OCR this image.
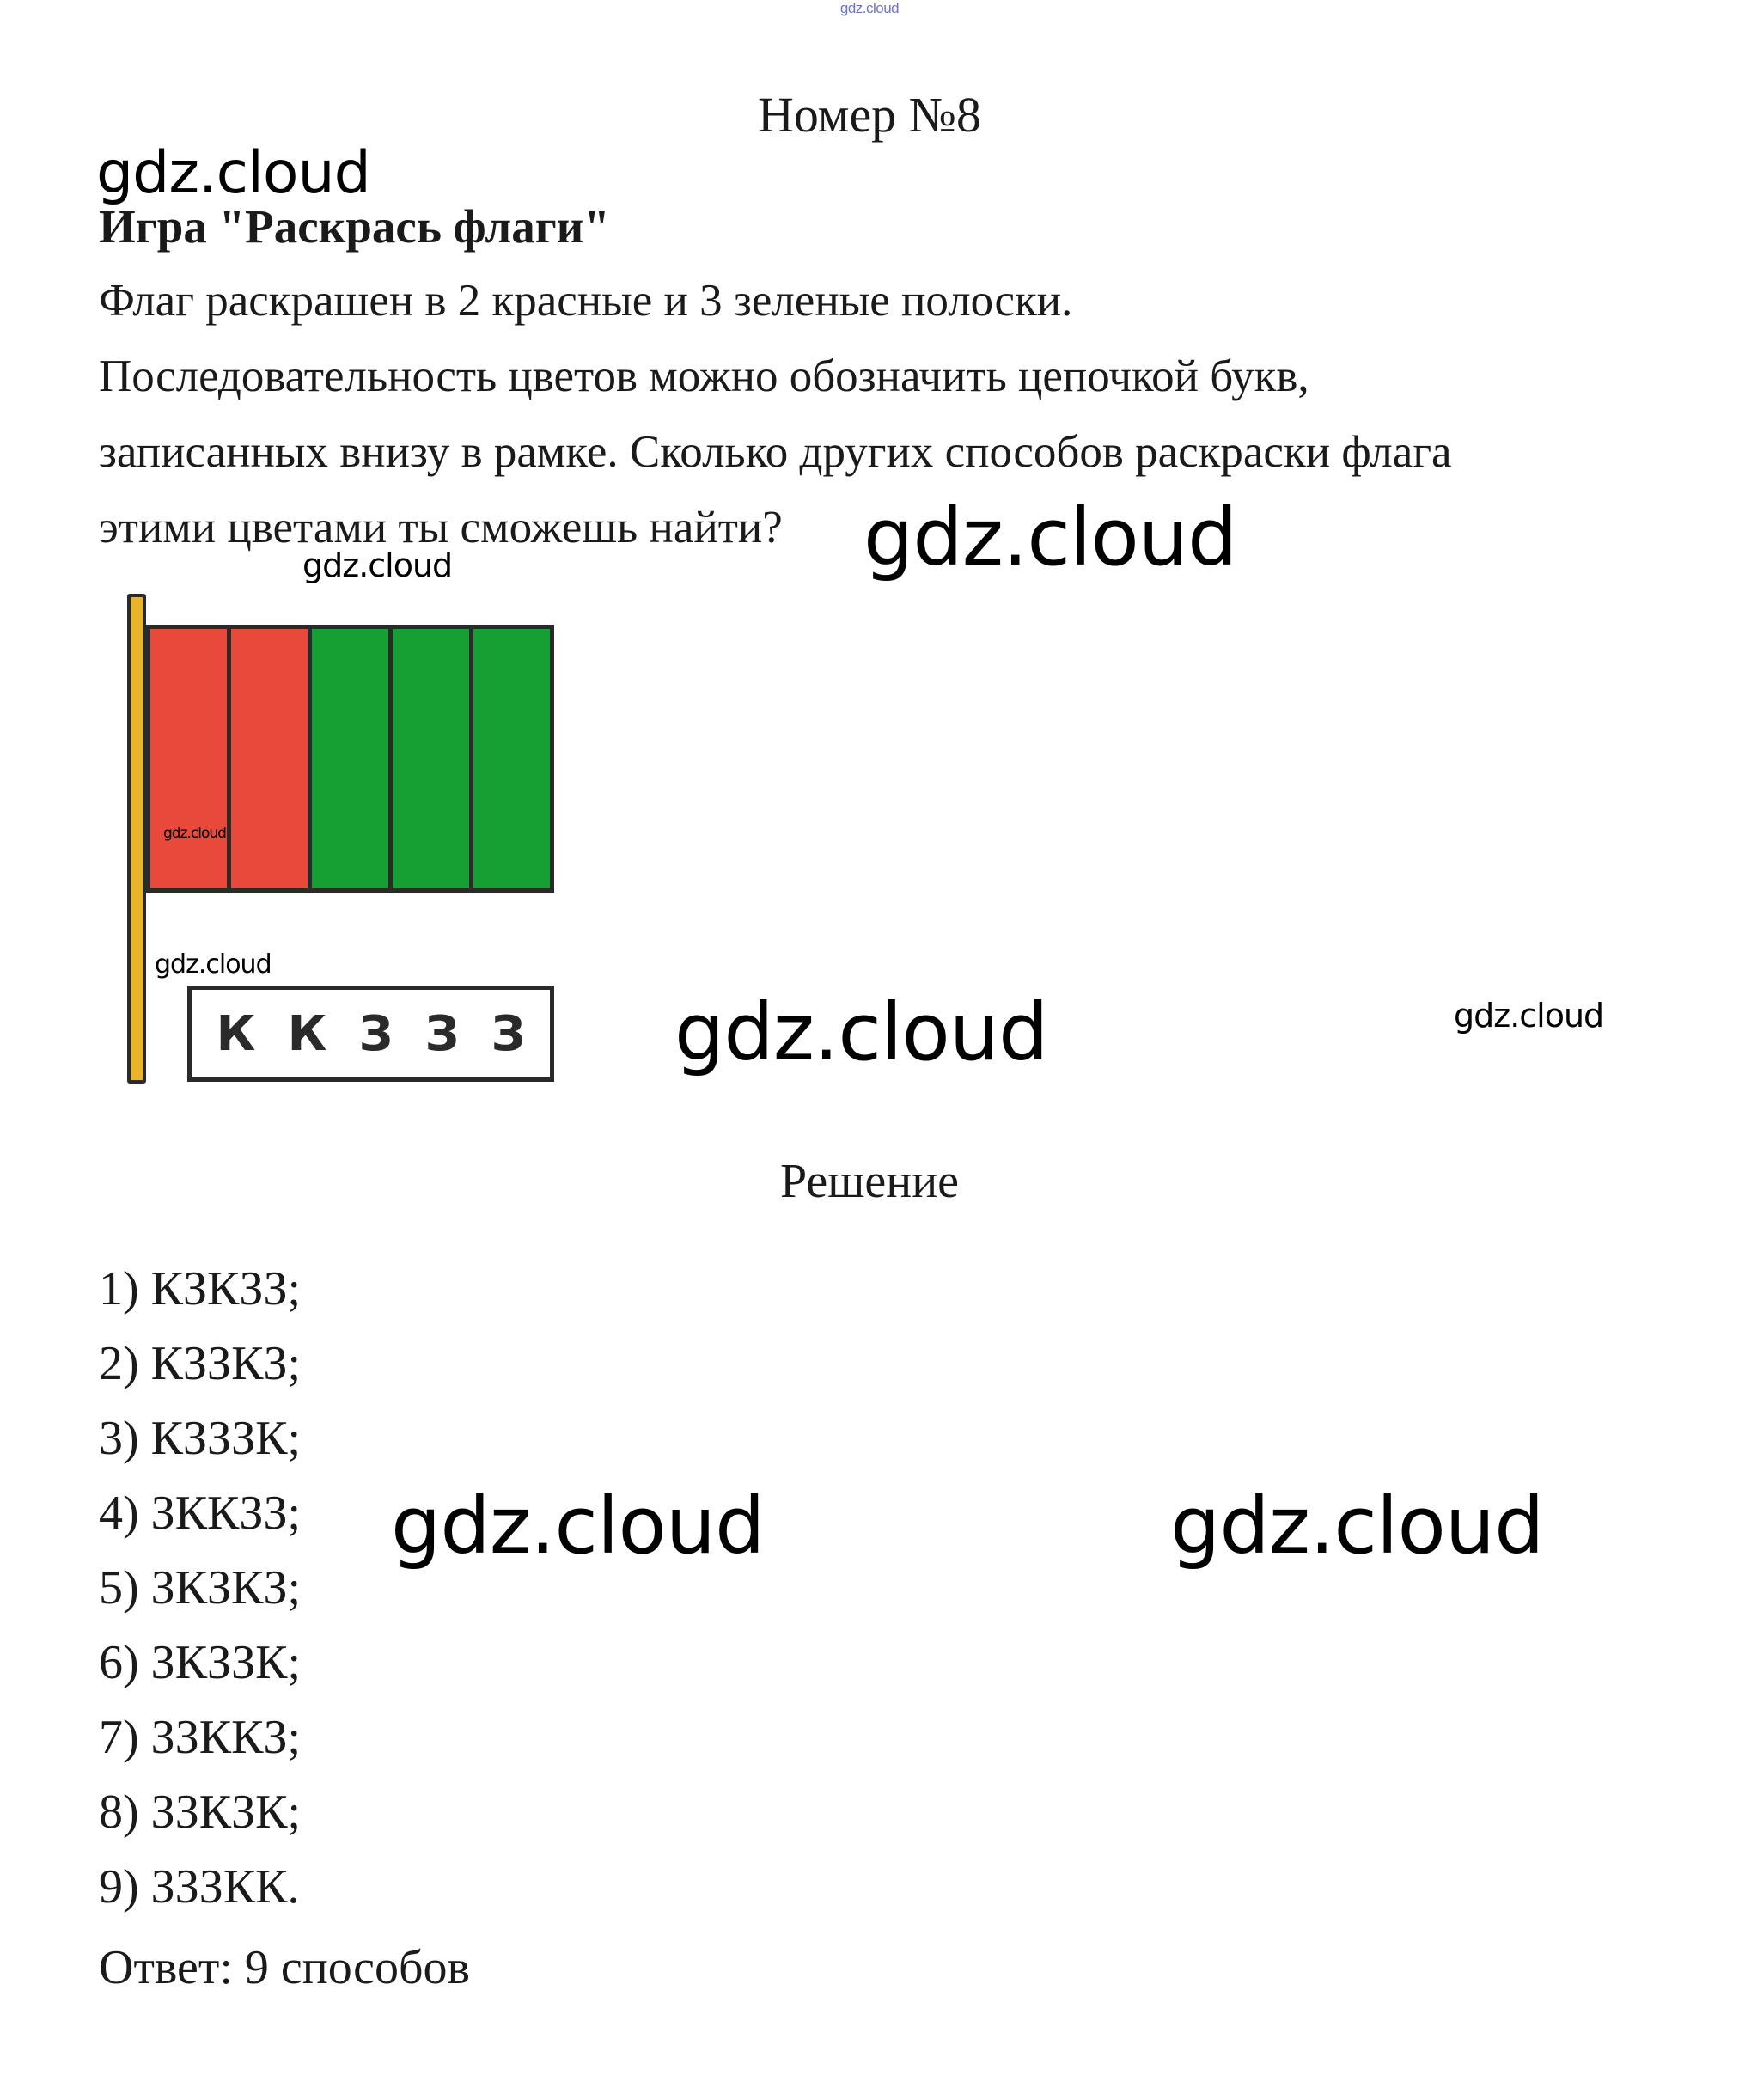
gdz.cloud
Номер №8
gdz.cloud
Игра "Раскрась флаги"
Флаг раскрашен в 2 красные и 3 зеленые полоски.
Последовательность цветов можно обозначить цепочкой букв,
записанных внизу в рамке. Сколько других способов раскраски флага
этими цветами ты сможешь найти? gdz.cloud
gdz.cloud
К К З З З
gdz.cloud
gdz.cloud
gdz.cloud	gdz.cloud
Решение
1) КЗКЗЗ;
2) КЗЗКЗ;
3) КЗЗЗК;
4) ЗККЗЗ;
5) ЗКЗКЗ;
6) ЗКЗЗК;
7) ЗЗККЗ;
8) ЗЗКЗК;
9) ЗЗЗКК.
Ответ: 9 способов
gdz.cloud	gdz.cloud
